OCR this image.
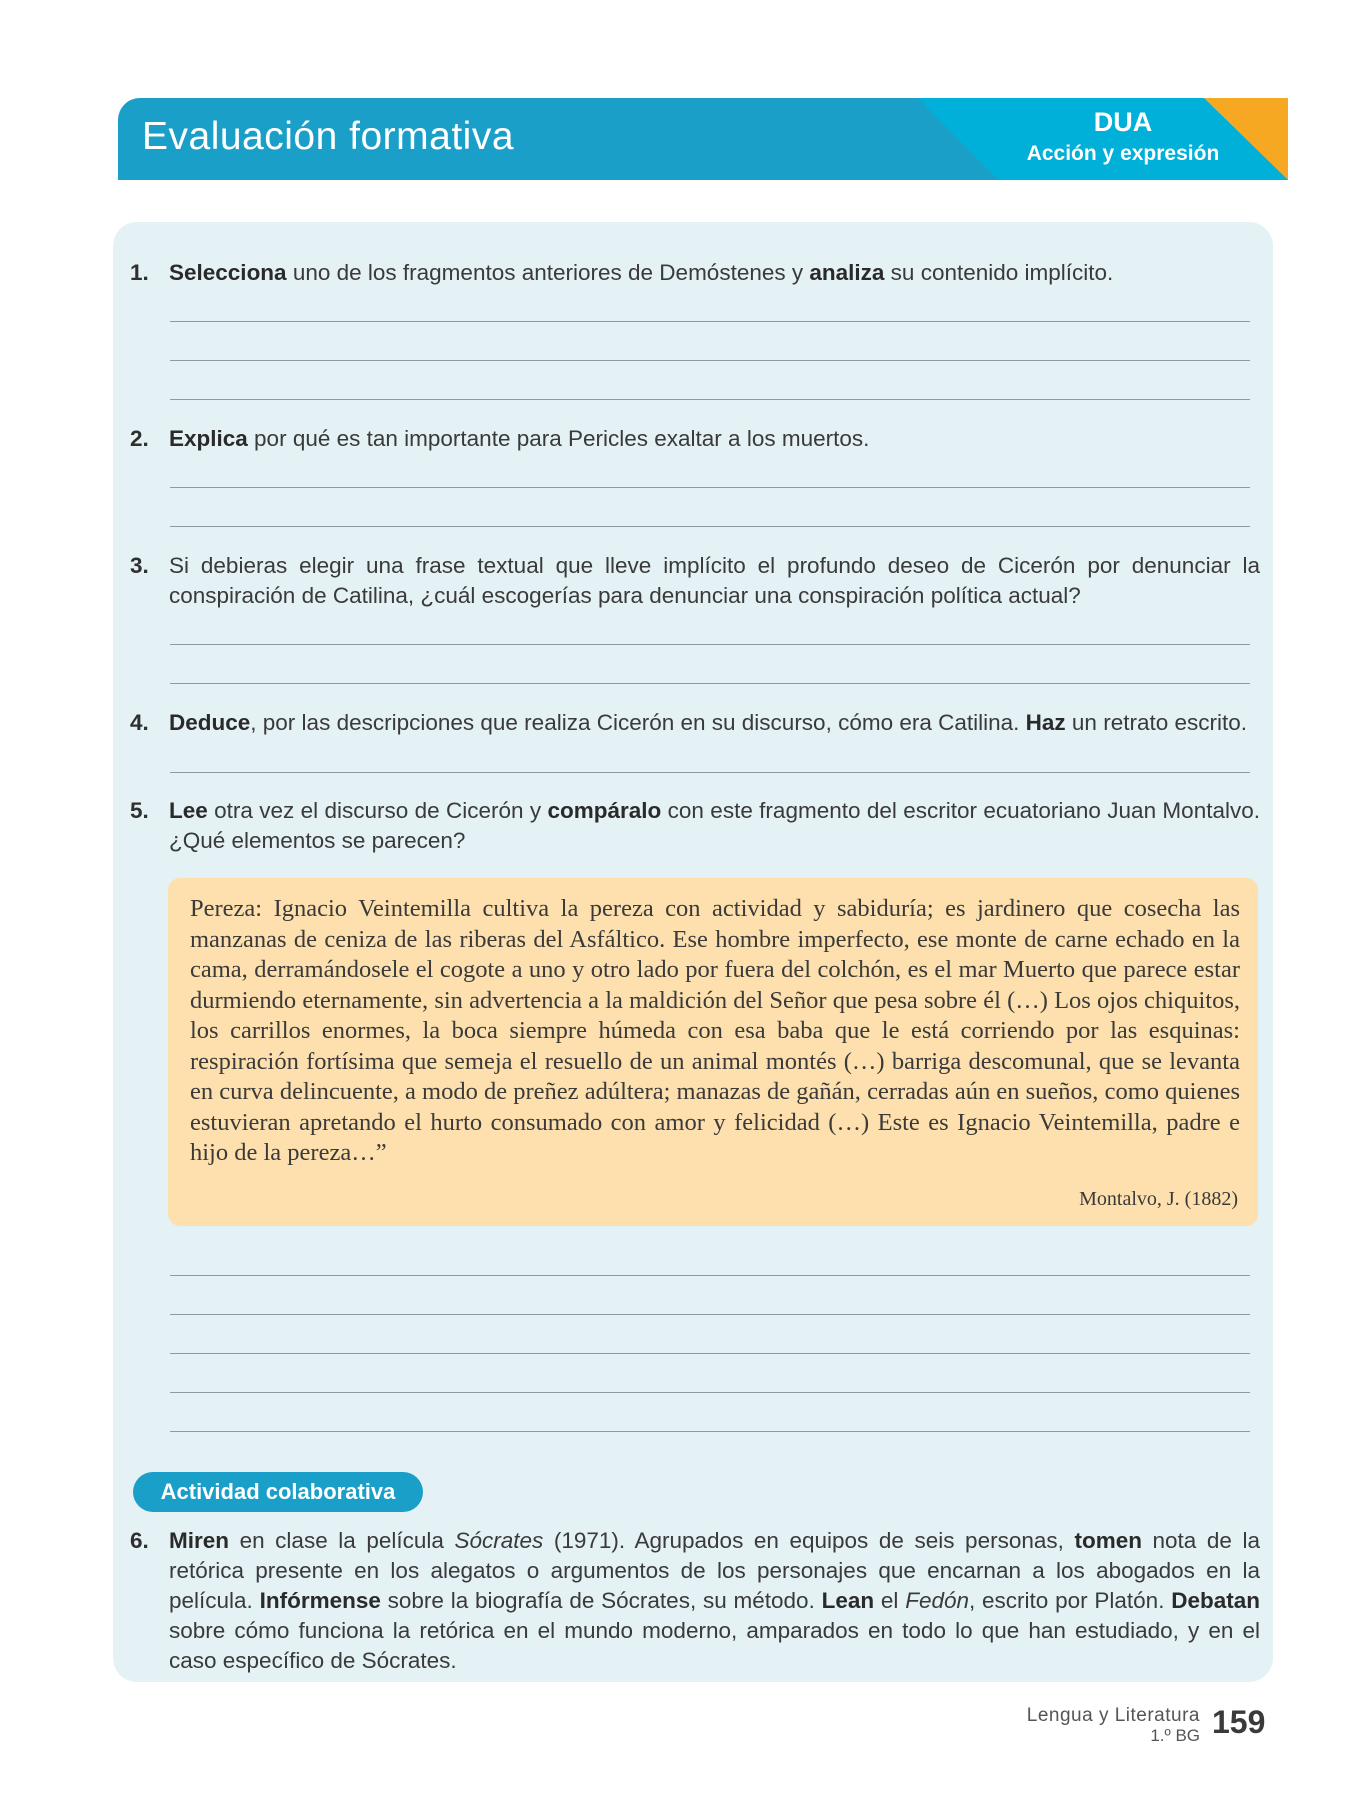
Evaluación formativa	DUA
Acción y expresión
1. Selecciona uno de los fragmentos anteriores de Demóstenes y analiza su contenido implícito.
2. Explica por qué es tan importante para Pericles exaltar a los muertos.
3. Si debieras elegir una frase textual que lleve implícito el profundo deseo de Cicerón por denunciar la conspiración de Catilina, ¿cuál escogerías para denunciar una conspiración política actual?
4. Deduce, por las descripciones que realiza Cicerón en su discurso, cómo era Catilina. Haz un retrato escrito.
5. Lee otra vez el discurso de Cicerón y compáralo con este fragmento del escritor ecuatoriano Juan Montalvo. ¿Qué elementos se parecen?
Pereza: Ignacio Veintemilla cultiva la pereza con actividad y sabiduría; es jardinero que cosecha las manzanas de ceniza de las riberas del Asfáltico. Ese hombre imperfecto, ese monte de carne echado en la cama, derramándosele el cogote a uno y otro lado por fuera del colchón, es el mar Muerto que parece estar durmiendo eternamente, sin advertencia a la maldición del Señor que pesa sobre él (…) Los ojos chiquitos, los carrillos enormes, la boca siempre húmeda con esa baba que le está corriendo por las esquinas: respiración fortísima que semeja el resuello de un animal montés (…) barriga descomunal, que se levanta en curva delincuente, a modo de preñez adúltera; manazas de gañán, cerradas aún en sueños, como quienes estuvieran apretando el hurto consumado con amor y felicidad (…) Este es Ignacio Veintemilla, padre e hijo de la pereza…”
Montalvo, J. (1882)
Actividad colaborativa
6. Miren en clase la película Sócrates (1971). Agrupados en equipos de seis personas, tomen nota de la retórica presente en los alegatos o argumentos de los personajes que encarnan a los abogados en la película. Infórmense sobre la biografía de Sócrates, su método. Lean el Fedón, escrito por Platón. Debatan sobre cómo funciona la retórica en el mundo moderno, amparados en todo lo que han estudiado, y en el caso específico de Sócrates.
Lengua y Literatura
1.º BG 159
